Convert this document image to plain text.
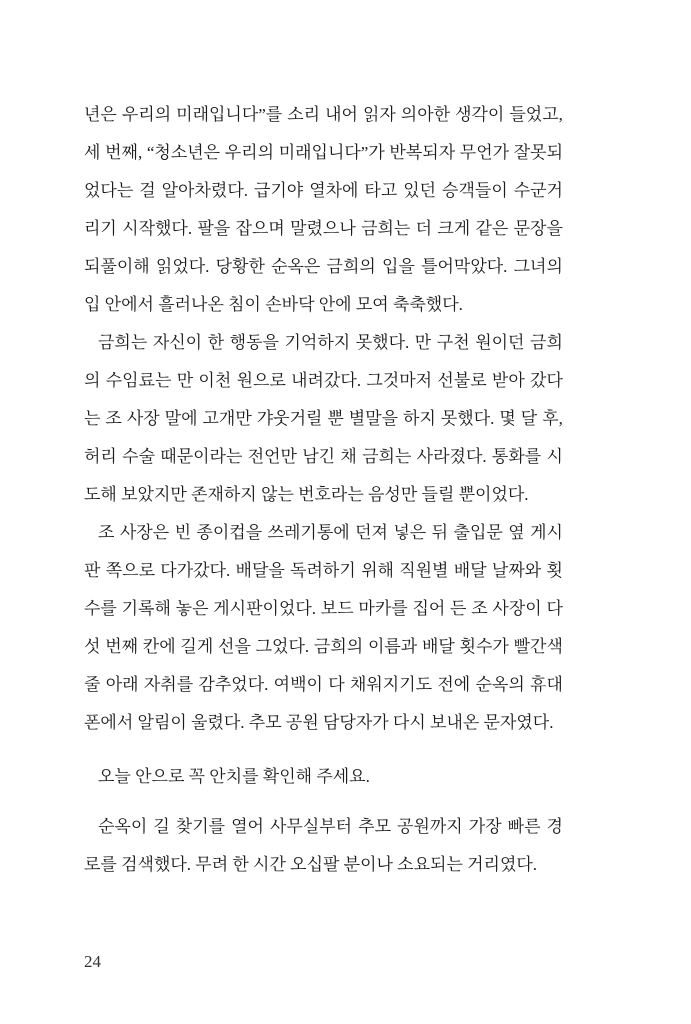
년은 우리의 미래입니다”를 소리 내어 읽자 의아한 생각이 들었고,
세 번째, “청소년은 우리의 미래입니다”가 반복되자 무언가 잘못되
었다는 걸 알아차렸다. 급기야 열차에 타고 있던 승객들이 수군거
리기 시작했다. 팔을 잡으며 말렸으나 금희는 더 크게 같은 문장을
되풀이해 읽었다. 당황한 순옥은 금희의 입을 틀어막았다. 그녀의
입 안에서 흘러나온 침이 손바닥 안에 모여 축축했다.
금희는 자신이 한 행동을 기억하지 못했다. 만 구천 원이던 금희
의 수임료는 만 이천 원으로 내려갔다. 그것마저 선불로 받아 갔다
는 조 사장 말에 고개만 갸웃거릴 뿐 별말을 하지 못했다. 몇 달 후,
허리 수술 때문이라는 전언만 남긴 채 금희는 사라졌다. 통화를 시
도해 보았지만 존재하지 않는 번호라는 음성만 들릴 뿐이었다.
조 사장은 빈 종이컵을 쓰레기통에 던져 넣은 뒤 출입문 옆 게시
판 쪽으로 다가갔다. 배달을 독려하기 위해 직원별 배달 날짜와 횟
수를 기록해 놓은 게시판이었다. 보드 마카를 집어 든 조 사장이 다
섯 번째 칸에 길게 선을 그었다. 금희의 이름과 배달 횟수가 빨간색
줄 아래 자취를 감추었다. 여백이 다 채워지기도 전에 순옥의 휴대
폰에서 알림이 울렸다. 추모 공원 담당자가 다시 보내온 문자였다.
오늘 안으로 꼭 안치를 확인해 주세요.
순옥이 길 찾기를 열어 사무실부터 추모 공원까지 가장 빠른 경
로를 검색했다. 무려 한 시간 오십팔 분이나 소요되는 거리였다.
24
